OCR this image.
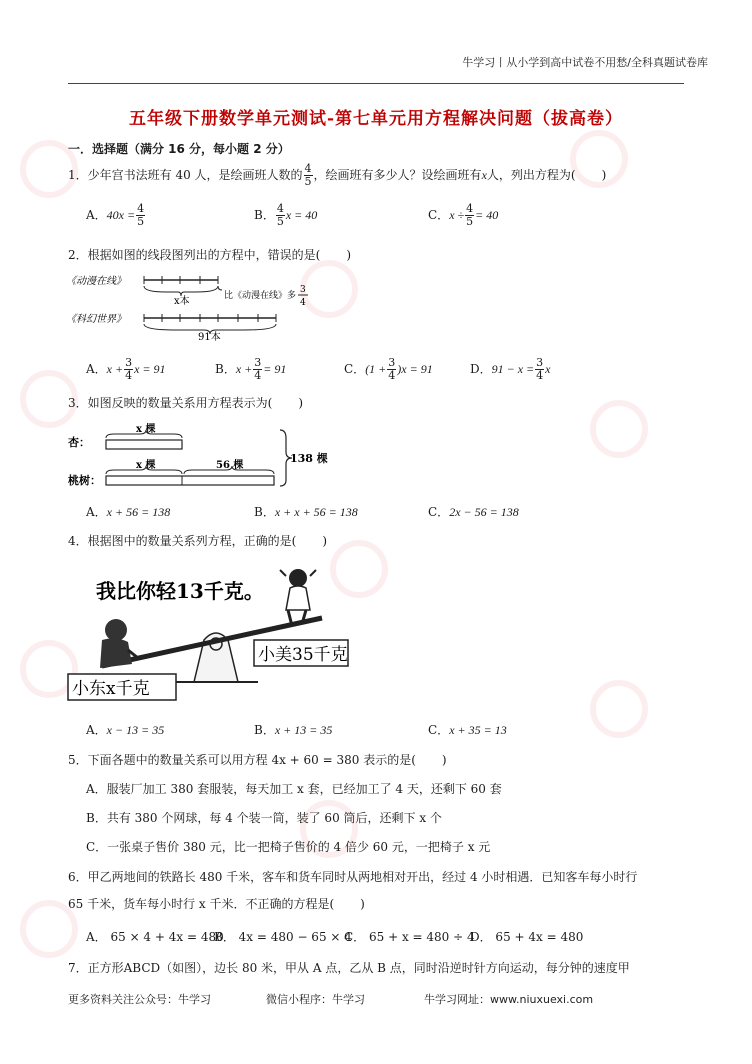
牛学习丨从小学到高中试卷不用愁/全科真题试卷库
五年级下册数学单元测试-第七单元用方程解决问题（拔高卷）
一．选择题（满分 16 分，每小题 2 分）
1．少年宫书法班有 40 人，是绘画班人数的 $\frac{4}{5}$ ，绘画班有多少人？设绘画班有x人，列出方程为( )
A．$40x = \frac{4}{5}$	B． $\frac{4}{5}$ x = 40	C．$x \div \frac{4}{5} = 40$
2．根据如图的线段图列出的方程中，错误的是( )
《动漫在线》
x本	比《动漫在线》多
3
4
《科幻世界》
91本
A．$x + \frac{3}{4}$ x = 91	B．$x + \frac{3}{4} = 91$	C．$(1 + \frac{3}{4} )x = 91$	D．$91 - x = \frac{3}{4}$ x
3．如图反映的数量关系用方程表示为( )
杏：
x 棵
桃树：
x 棵	56 棵
138 棵
A．x + 56 = 138	B．x + x + 56 = 138	C．2x − 56 = 138
4．根据图中的数量关系列方程，正确的是( )
我比你轻13千克。
小美35千克
小东x千克
A．x − 13 = 35	B．x + 13 = 35	C．x + 35 = 13
5．下面各题中的数量关系可以用方程 4x + 60 = 380 表示的是( )
A．服装厂加工 380 套服装，每天加工 x 套，已经加工了 4 天，还剩下 60 套
B．共有 380 个网球，每 4 个装一筒，装了 60 筒后，还剩下 x 个
C．一张桌子售价 380 元，比一把椅子售价的 4 倍少 60 元，一把椅子 x 元
6．甲乙两地间的铁路长 480 千米，客车和货车同时从两地相对开出，经过 4 小时相遇．已知客车每小时行
65 千米，货车每小时行 x 千米．不正确的方程是( )
A． 65 × 4 + 4x = 480
B． 4x = 480 − 65 × 4
C． 65 + x = 480 ÷ 4
D． 65 + 4x = 480
7．正方形ABCD（如图），边长 80 米，甲从 A 点，乙从 B 点，同时沿逆时针方向运动，每分钟的速度甲
更多资料关注公众号：牛学习	微信小程序：牛学习	牛学习网址：www.niuxuexi.com
